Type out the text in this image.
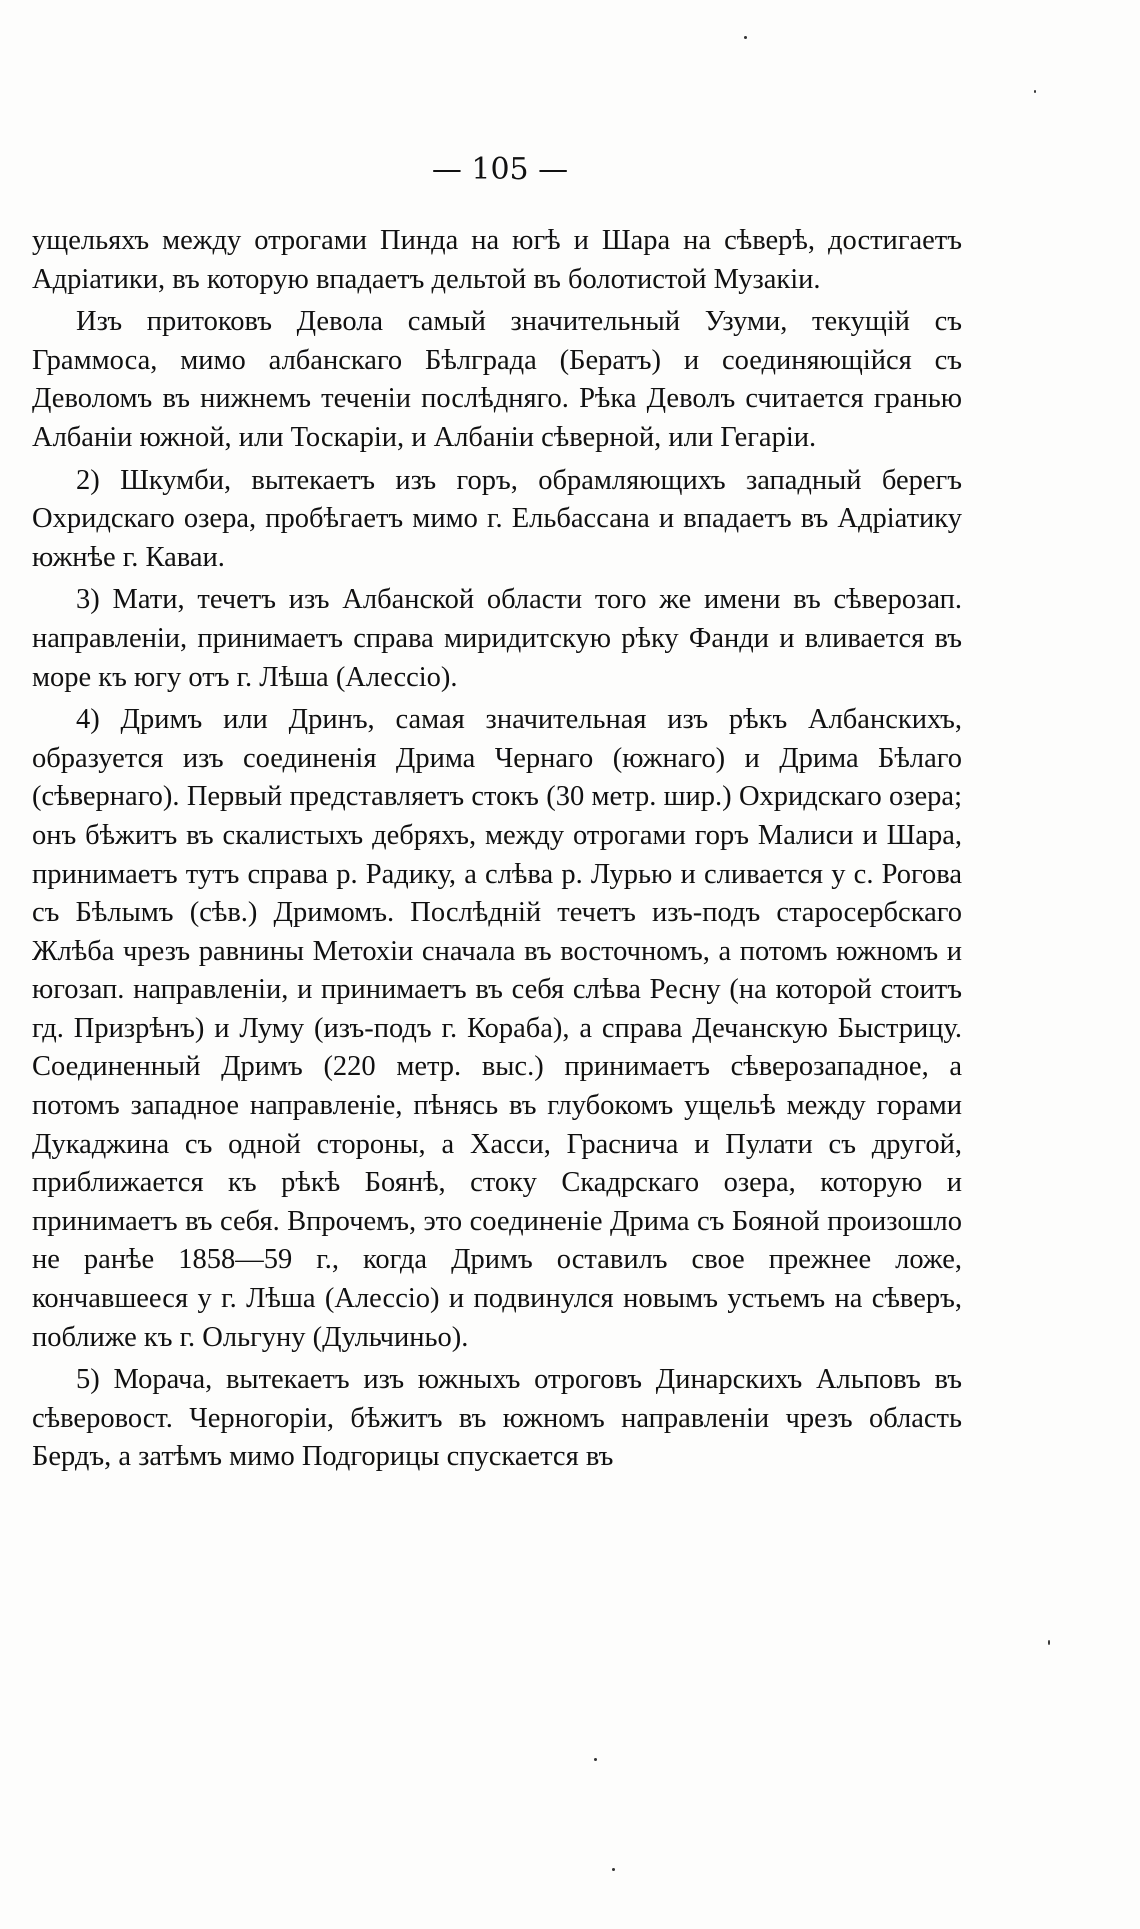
— 105 —

ущельяхъ между отрогами Пинда на югѣ и Шара на сѣверѣ, достигаетъ Адріатики, въ которую впадаетъ дельтой въ болотистой Музакіи.

Изъ притоковъ Девола самый значительный Узуми, текущій съ Граммоса, мимо албанскаго Бѣлграда (Бератъ) и соединяющійся съ Деволомъ въ нижнемъ теченіи послѣдняго. Рѣка Деволъ считается гранью Албаніи южной, или Тоскаріи, и Албаніи сѣверной, или Гегаріи.

2) Шкумби, вытекаетъ изъ горъ, обрамляющихъ западный берегъ Охридскаго озера, пробѣгаетъ мимо г. Ельбассана и впадаетъ въ Адріатику южнѣе г. Каваи.

3) Мати, течетъ изъ Албанской области того же имени въ сѣверозап. направленіи, принимаетъ справа миридитскую рѣку Фанди и вливается въ море къ югу отъ г. Лѣша (Алессіо).

4) Дримъ или Дринъ, самая значительная изъ рѣкъ Албанскихъ, образуется изъ соединенія Дрима Чернаго (южнаго) и Дрима Бѣлаго (сѣвернаго). Первый представляетъ стокъ (30 метр. шир.) Охридскаго озера; онъ бѣжитъ въ скалистыхъ дебряхъ, между отрогами горъ Малиси и Шара, принимаетъ тутъ справа р. Радику, а слѣва р. Лурью и сливается у с. Рогова съ Бѣлымъ (сѣв.) Дримомъ. Послѣдній течетъ изъ-подъ старосербскаго Жлѣба чрезъ равнины Метохіи сначала въ восточномъ, а потомъ южномъ и югозап. направленіи, и принимаетъ въ себя слѣва Ресну (на которой стоитъ гд. Призрѣнъ) и Луму (изъ-подъ г. Кораба), а справа Дечанскую Быстрицу. Соединенный Дримъ (220 метр. выс.) принимаетъ сѣверозападное, а потомъ западное направленіе, пѣнясь въ глубокомъ ущельѣ между горами Дукаджина съ одной стороны, а Хасси, Граснича и Пулати съ другой, приближается къ рѣкѣ Боянѣ, стоку Скадрскаго озера, которую и принимаетъ въ себя. Впрочемъ, это соединеніе Дрима съ Бояной произошло не ранѣе 1858—59 г., когда Дримъ оставилъ свое прежнее ложе, кончавшееся у г. Лѣша (Алессіо) и подвинулся новымъ устьемъ на сѣверъ, поближе къ г. Ольгуну (Дульчиньо).

5) Морача, вытекаетъ изъ южныхъ отроговъ Динарскихъ Альповъ въ сѣверовост. Черногоріи, бѣжитъ въ южномъ направленіи чрезъ область Бердъ, а затѣмъ мимо Подгорицы спускается въ
